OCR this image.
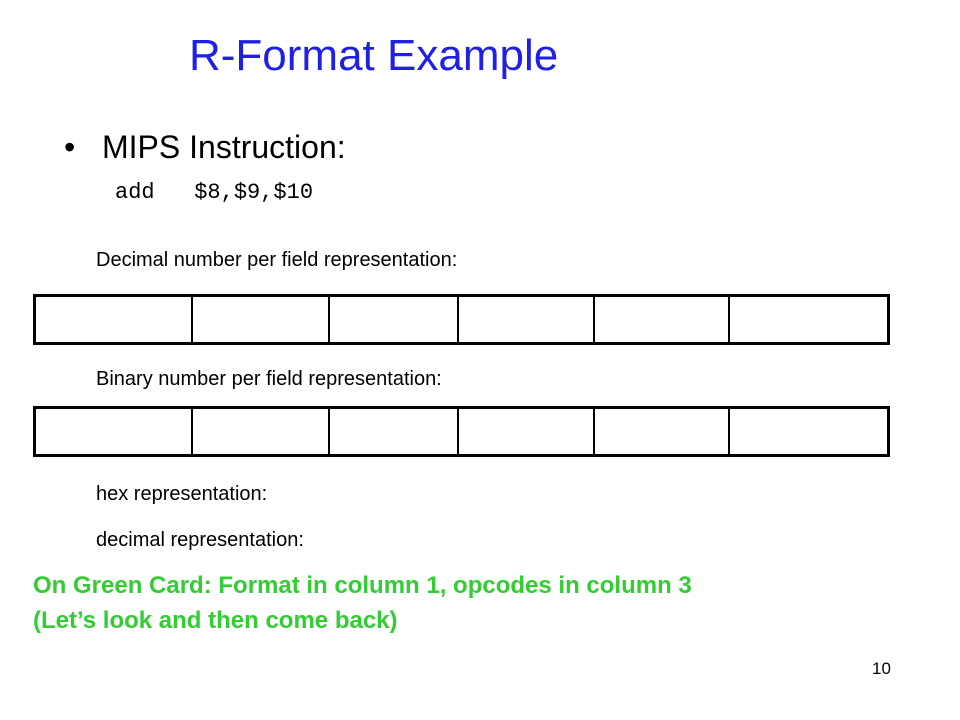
R-Format Example
• MIPS Instruction:
add   $8,$9,$10
Decimal number per field representation:
Binary number per field representation:
hex representation:
decimal representation:
On Green Card: Format in column 1, opcodes in column 3
(Let’s look and then come back)
10
